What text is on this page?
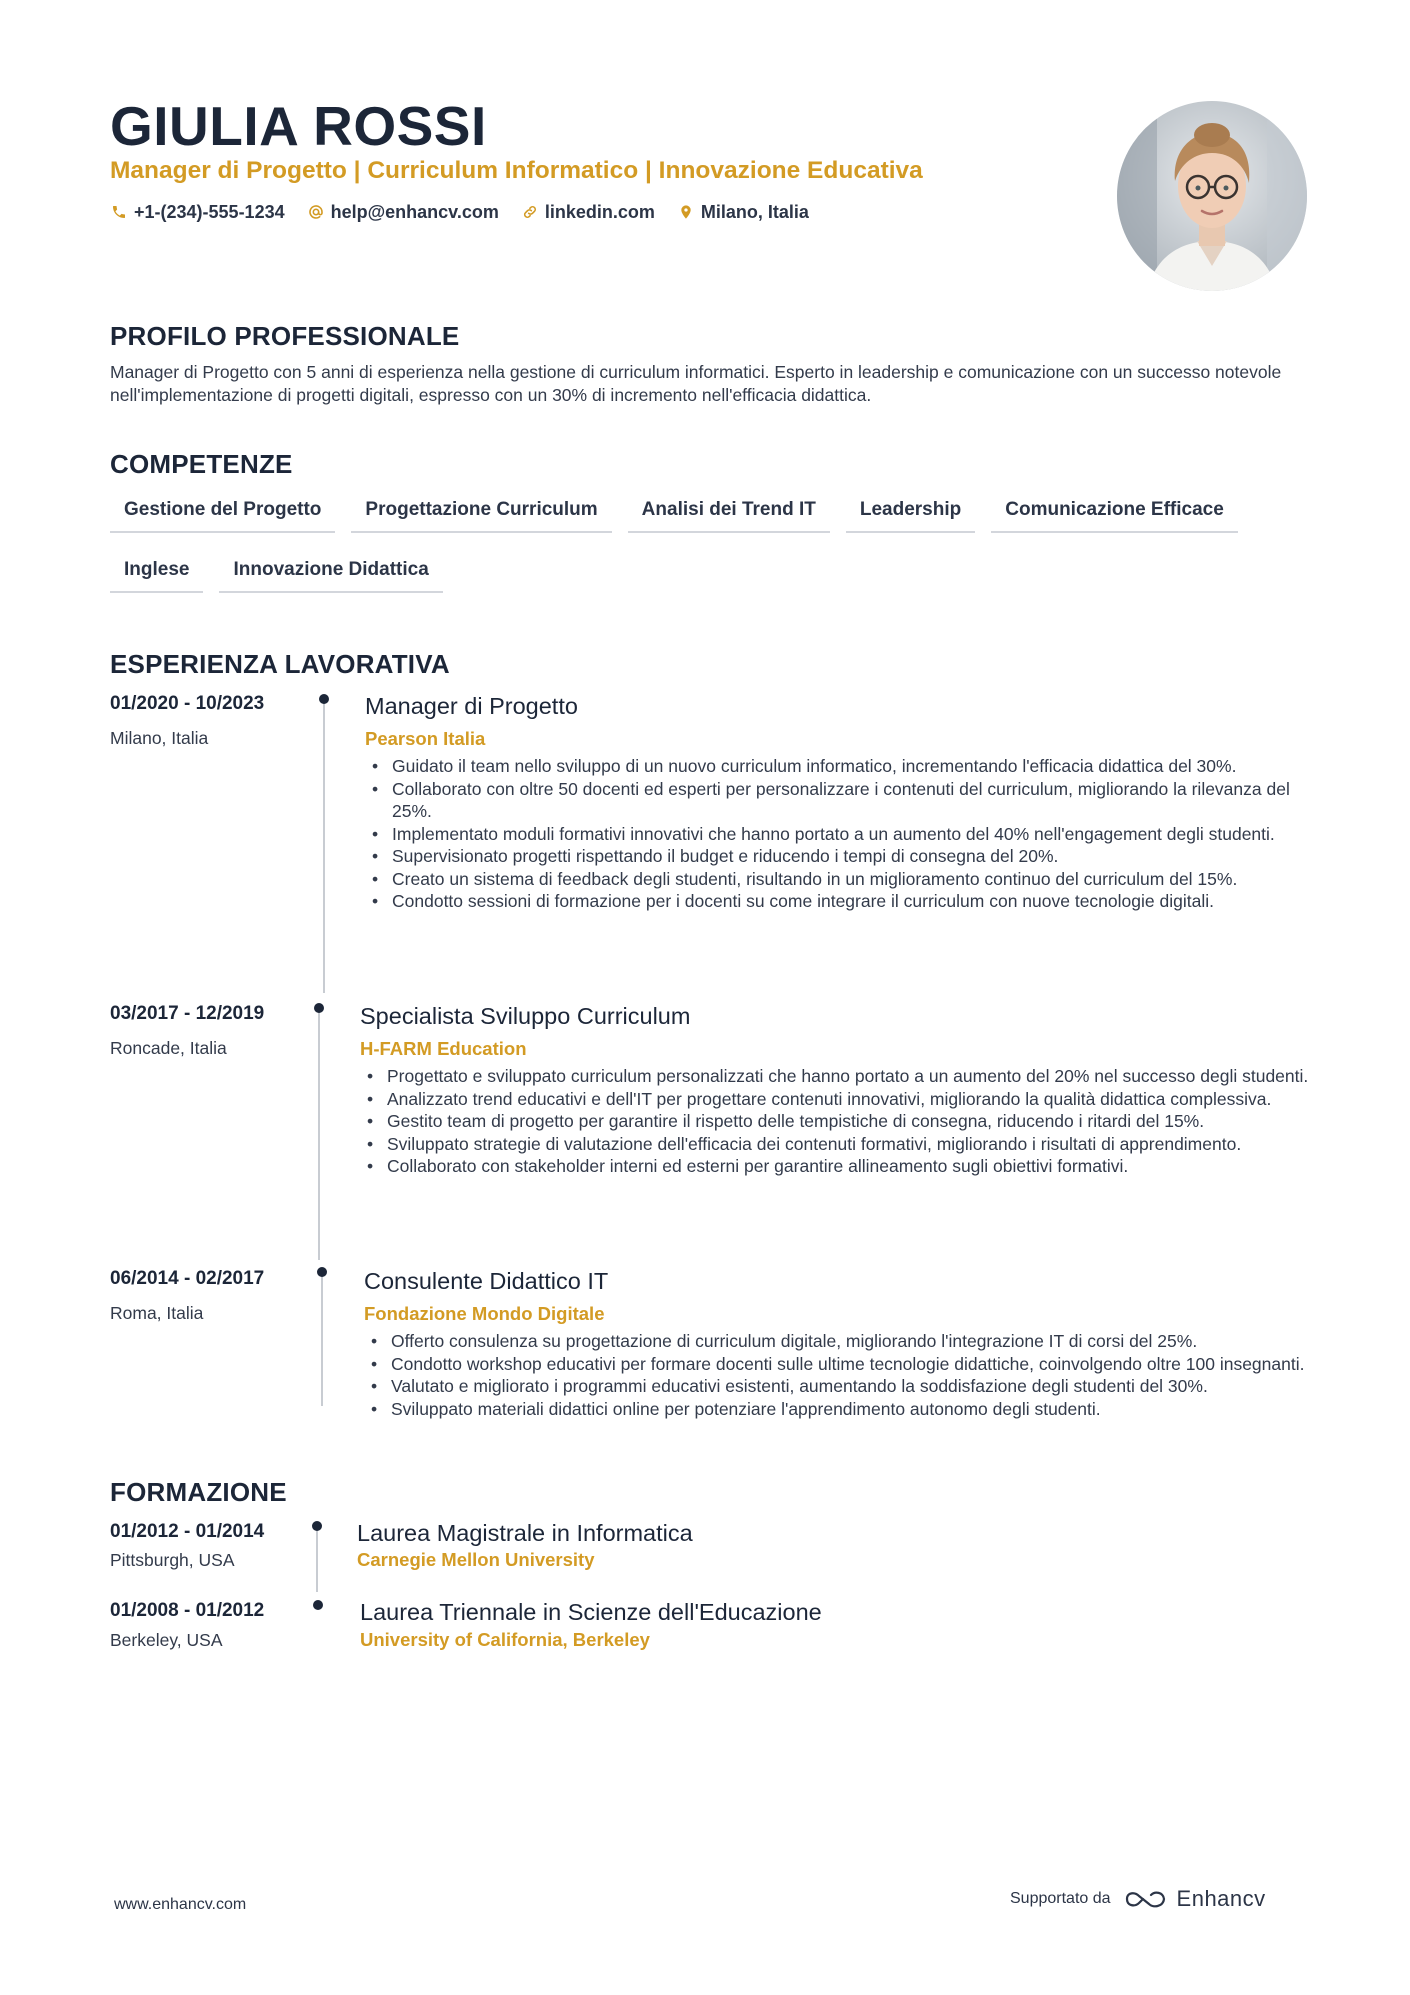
GIULIA ROSSI
Manager di Progetto | Curriculum Informatico | Innovazione Educativa
+1-(234)-555-1234	help@enhancv.com	linkedin.com	Milano, Italia
PROFILO PROFESSIONALE
Manager di Progetto con 5 anni di esperienza nella gestione di curriculum informatici. Esperto in leadership e comunicazione con un successo notevole nell'implementazione di progetti digitali, espresso con un 30% di incremento nell'efficacia didattica.
COMPETENZE
Gestione del Progetto	Progettazione Curriculum	Analisi dei Trend IT	Leadership	Comunicazione Efficace
Inglese	Innovazione Didattica
ESPERIENZA LAVORATIVA
01/2020 - 10/2023
Milano, Italia
Manager di Progetto
Pearson Italia
• Guidato il team nello sviluppo di un nuovo curriculum informatico, incrementando l'efficacia didattica del 30%.
• Collaborato con oltre 50 docenti ed esperti per personalizzare i contenuti del curriculum, migliorando la rilevanza del 25%.
• Implementato moduli formativi innovativi che hanno portato a un aumento del 40% nell'engagement degli studenti.
• Supervisionato progetti rispettando il budget e riducendo i tempi di consegna del 20%.
• Creato un sistema di feedback degli studenti, risultando in un miglioramento continuo del curriculum del 15%.
• Condotto sessioni di formazione per i docenti su come integrare il curriculum con nuove tecnologie digitali.
03/2017 - 12/2019
Roncade, Italia
Specialista Sviluppo Curriculum
H-FARM Education
• Progettato e sviluppato curriculum personalizzati che hanno portato a un aumento del 20% nel successo degli studenti.
• Analizzato trend educativi e dell'IT per progettare contenuti innovativi, migliorando la qualità didattica complessiva.
• Gestito team di progetto per garantire il rispetto delle tempistiche di consegna, riducendo i ritardi del 15%.
• Sviluppato strategie di valutazione dell'efficacia dei contenuti formativi, migliorando i risultati di apprendimento.
• Collaborato con stakeholder interni ed esterni per garantire allineamento sugli obiettivi formativi.
06/2014 - 02/2017
Roma, Italia
Consulente Didattico IT
Fondazione Mondo Digitale
• Offerto consulenza su progettazione di curriculum digitale, migliorando l'integrazione IT di corsi del 25%.
• Condotto workshop educativi per formare docenti sulle ultime tecnologie didattiche, coinvolgendo oltre 100 insegnanti.
• Valutato e migliorato i programmi educativi esistenti, aumentando la soddisfazione degli studenti del 30%.
• Sviluppato materiali didattici online per potenziare l'apprendimento autonomo degli studenti.
FORMAZIONE
01/2012 - 01/2014
Pittsburgh, USA
Laurea Magistrale in Informatica
Carnegie Mellon University
01/2008 - 01/2012
Berkeley, USA
Laurea Triennale in Scienze dell'Educazione
University of California, Berkeley
www.enhancv.com	Supportato da	Enhancv
